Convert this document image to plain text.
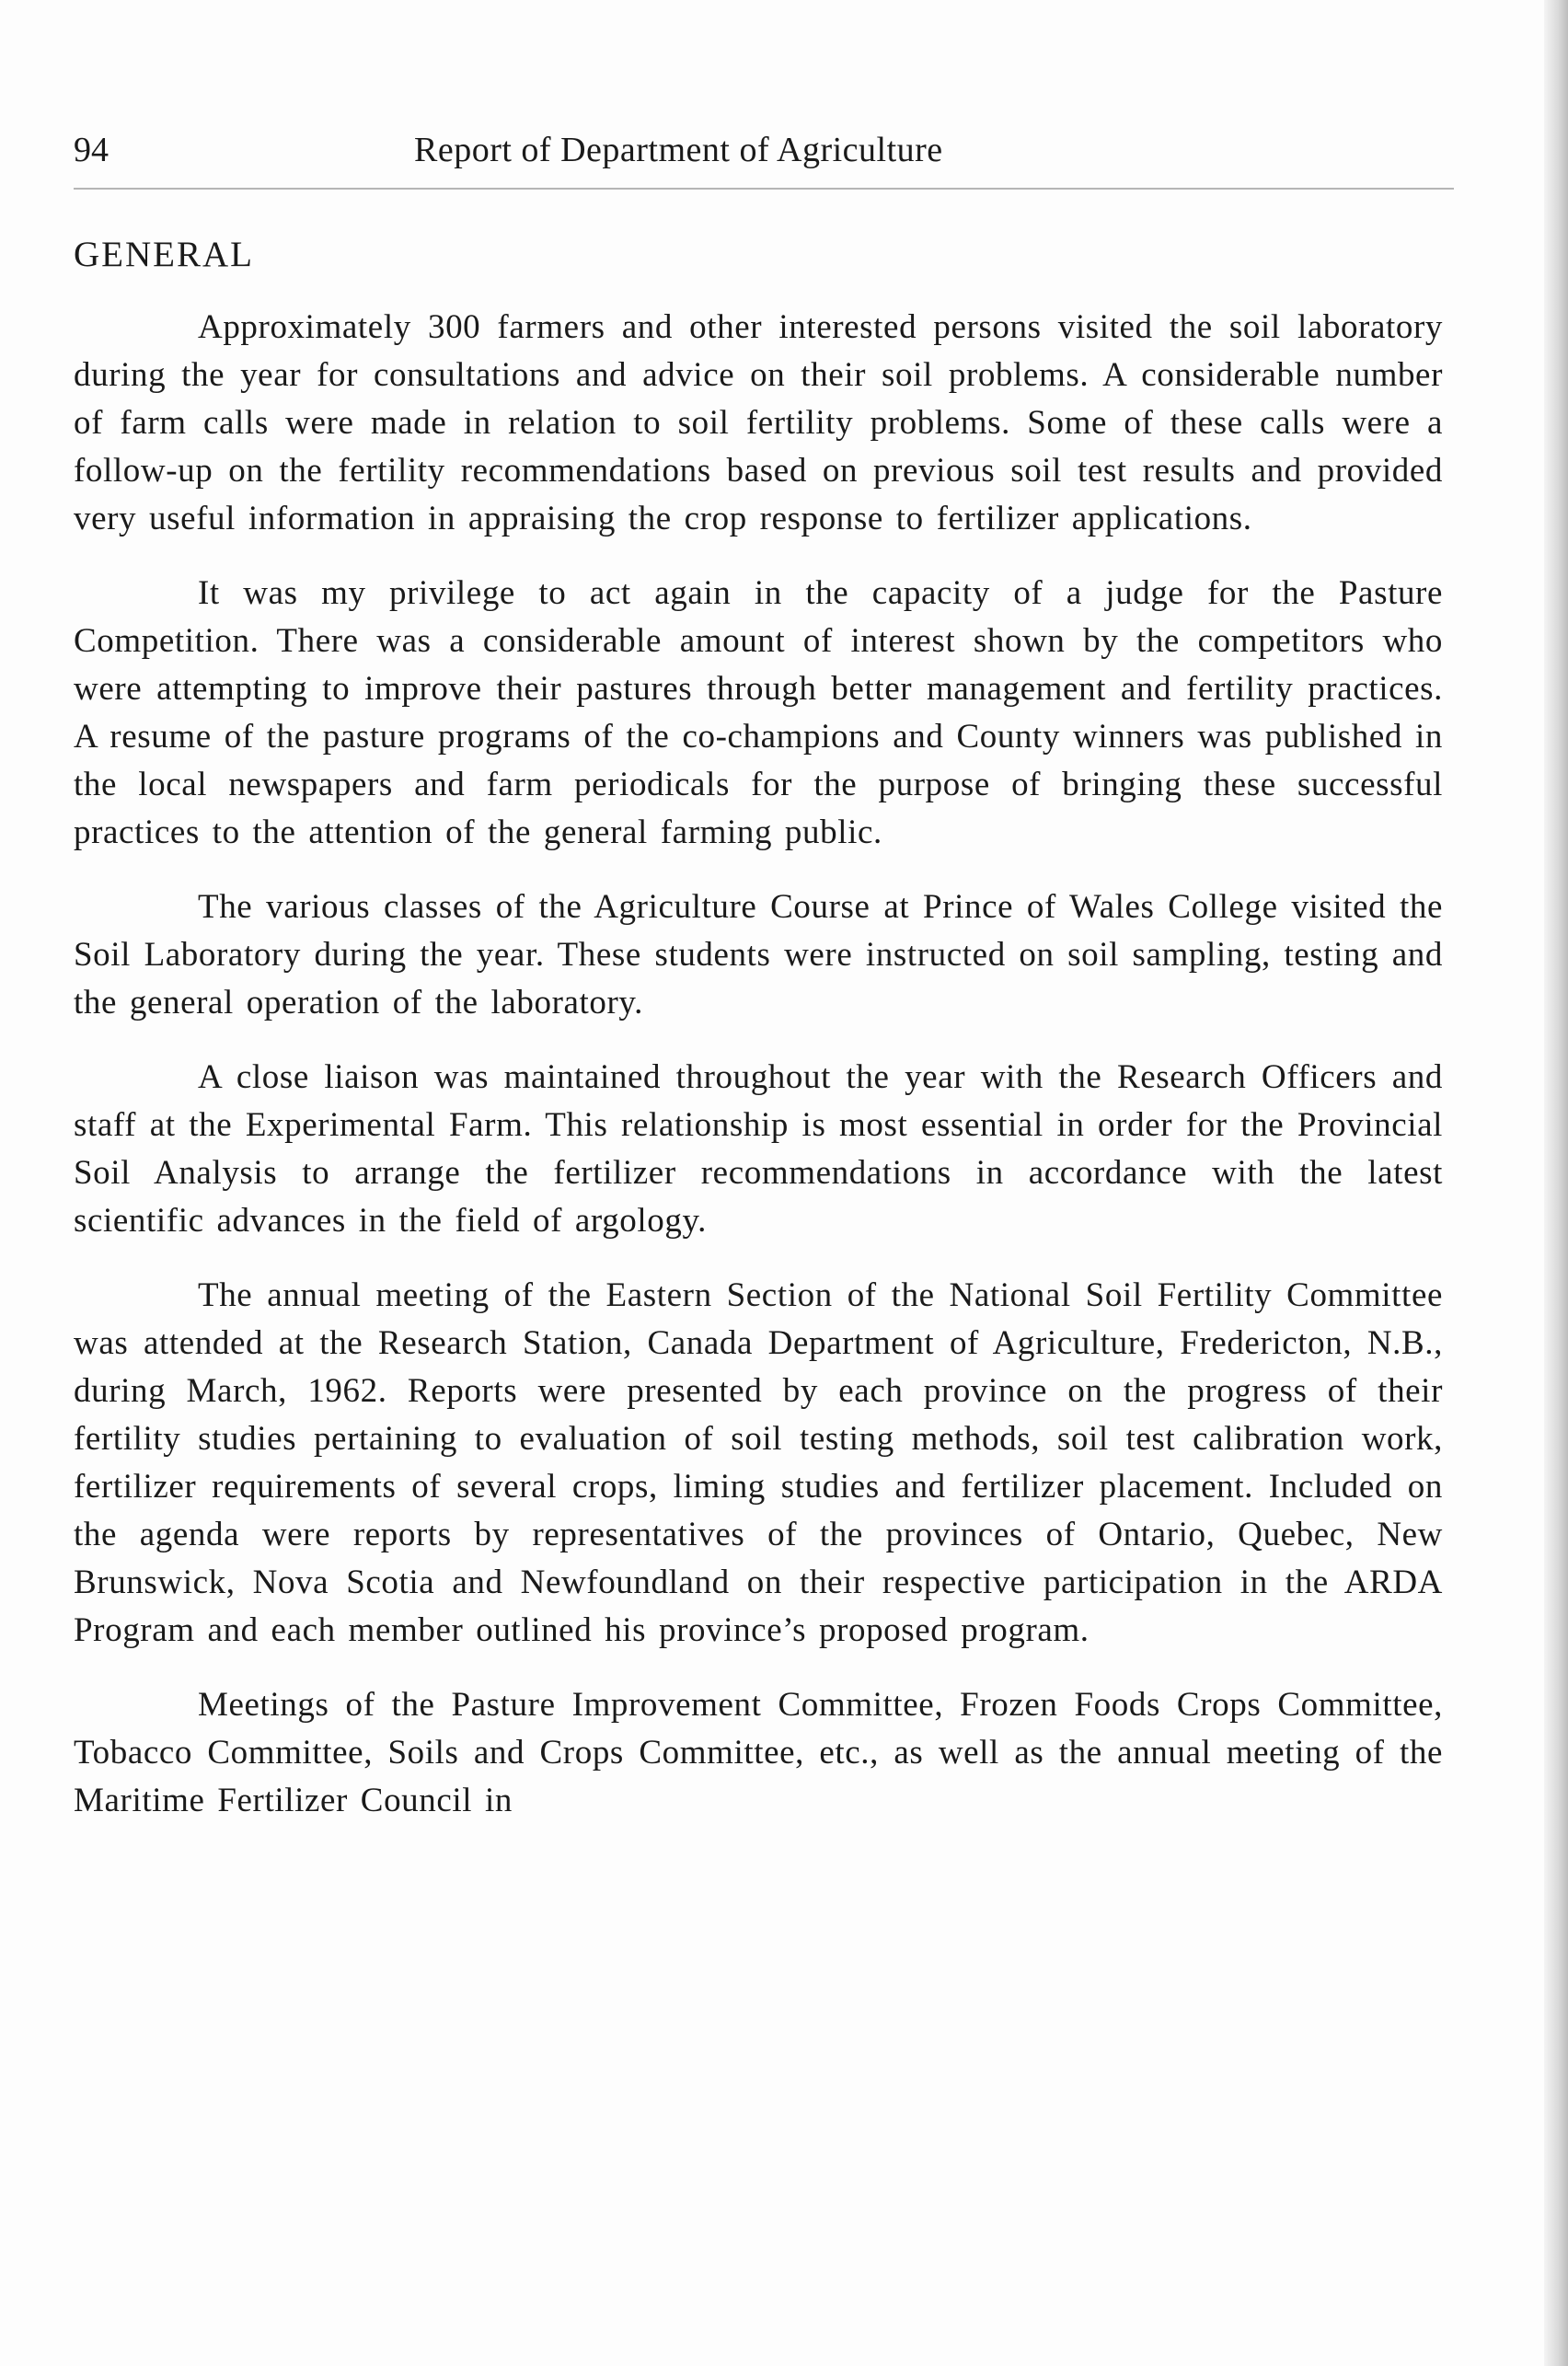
94	Report of Department of Agriculture
GENERAL

Approximately 300 farmers and other interested persons visited the soil laboratory during the year for consultations and advice on their soil problems. A considerable number of farm calls were made in relation to soil fertility problems. Some of these calls were a follow-up on the fertility recommendations based on previous soil test results and provided very useful information in appraising the crop response to fertilizer applications.

It was my privilege to act again in the capacity of a judge for the Pasture Competition. There was a considerable amount of interest shown by the competitors who were attempting to improve their pastures through better management and fertility practices. A resume of the pasture programs of the co-champions and County winners was published in the local newspapers and farm periodicals for the purpose of bringing these successful practices to the attention of the general farming public.

The various classes of the Agriculture Course at Prince of Wales College visited the Soil Laboratory during the year. These students were instructed on soil sampling, testing and the general operation of the laboratory.

A close liaison was maintained throughout the year with the Research Officers and staff at the Experimental Farm. This relationship is most essential in order for the Provincial Soil Analysis to arrange the fertilizer recommendations in accordance with the latest scientific advances in the field of argology.

The annual meeting of the Eastern Section of the National Soil Fertility Committee was attended at the Research Station, Canada Department of Agriculture, Fredericton, N.B., during March, 1962. Reports were presented by each province on the progress of their fertility studies pertaining to evaluation of soil testing methods, soil test calibration work, fertilizer requirements of several crops, liming studies and fertilizer placement. Included on the agenda were reports by representatives of the provinces of Ontario, Quebec, New Brunswick, Nova Scotia and Newfoundland on their respective participation in the ARDA Program and each member outlined his province’s proposed program.

Meetings of the Pasture Improvement Committee, Frozen Foods Crops Committee, Tobacco Committee, Soils and Crops Committee, etc., as well as the annual meeting of the Maritime Fertilizer Council in
